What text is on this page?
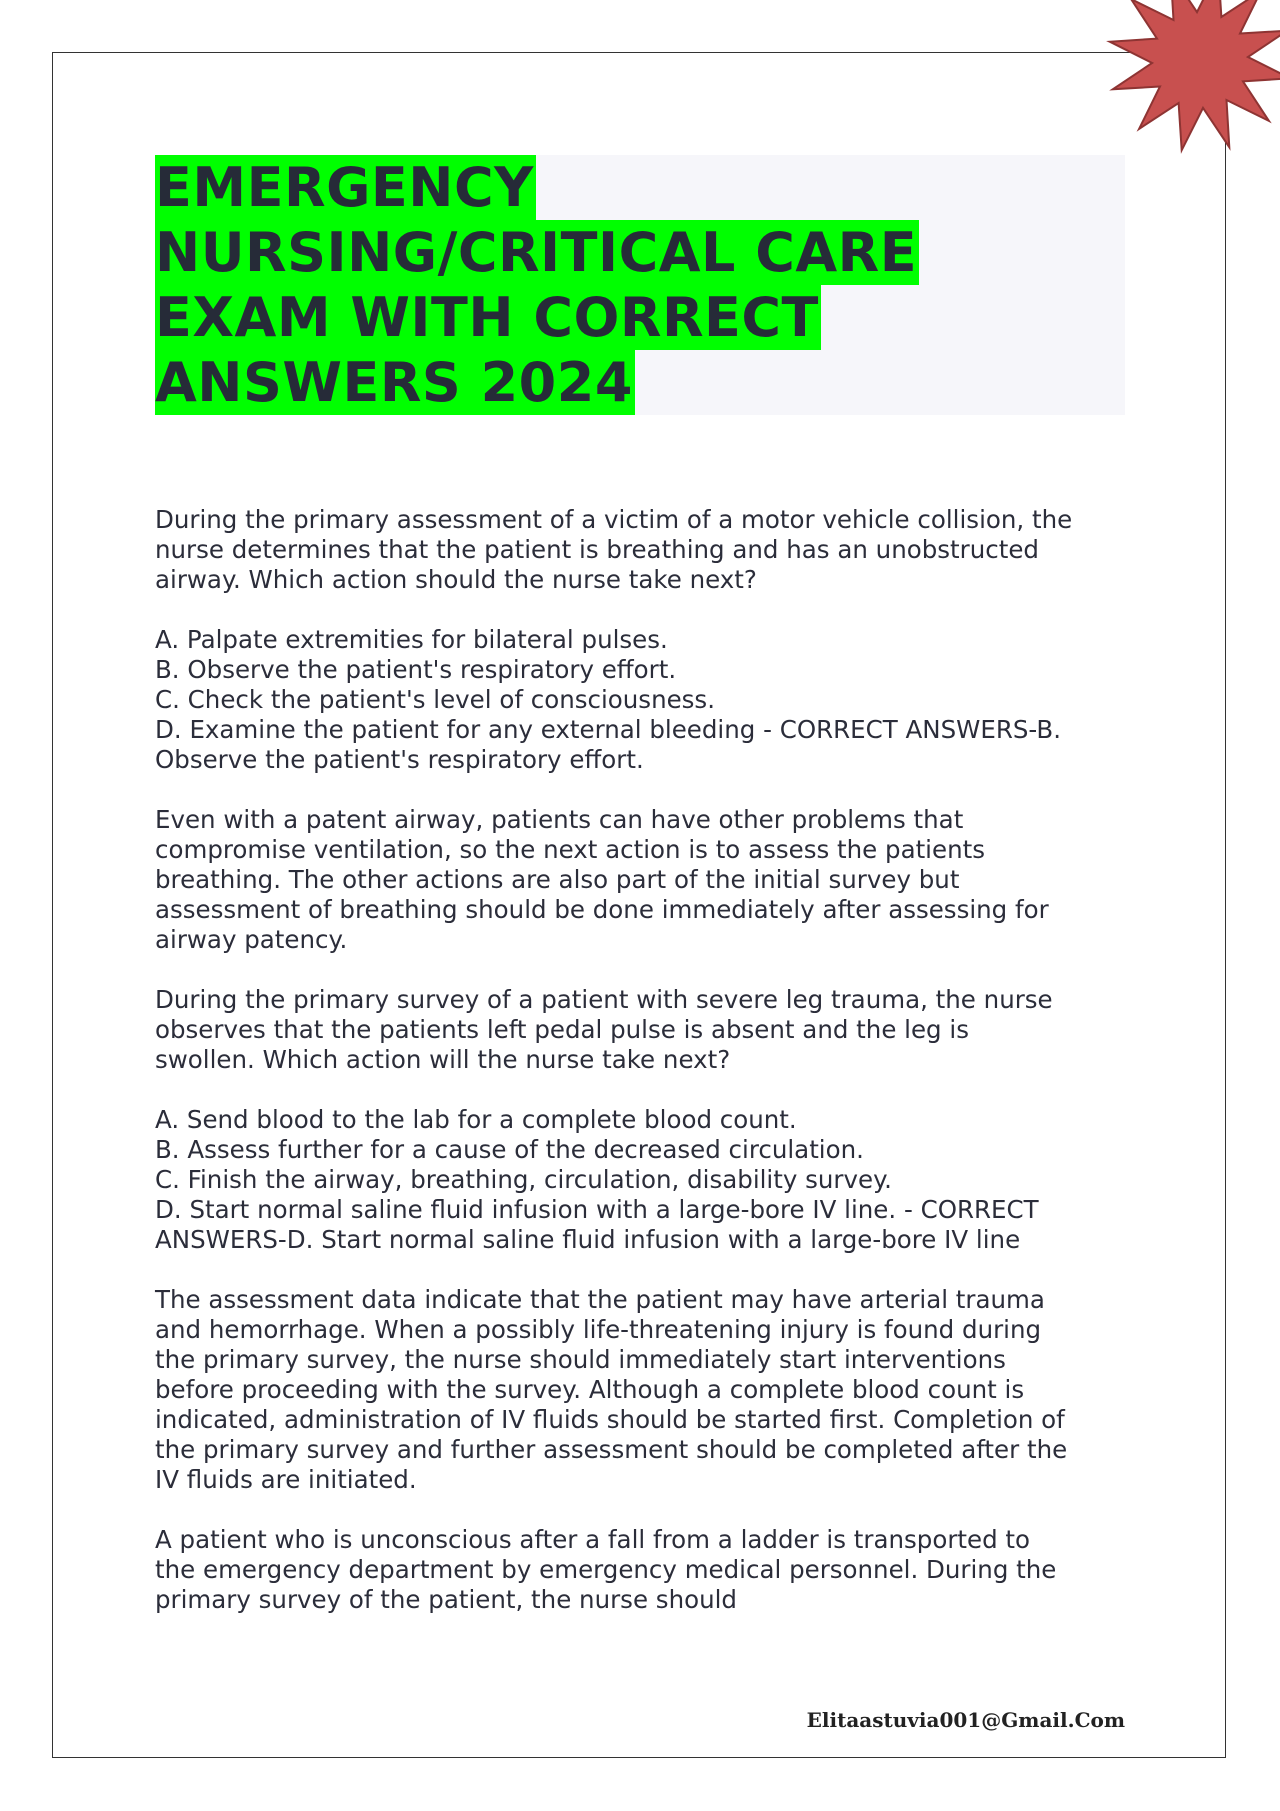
EMERGENCY
NURSING/CRITICAL CARE
EXAM WITH CORRECT
ANSWERS 2024

During the primary assessment of a victim of a motor vehicle collision, the
nurse determines that the patient is breathing and has an unobstructed
airway. Which action should the nurse take next?

A. Palpate extremities for bilateral pulses.
B. Observe the patient's respiratory effort.
C. Check the patient's level of consciousness.
D. Examine the patient for any external bleeding - CORRECT ANSWERS-B.
Observe the patient's respiratory effort.

Even with a patent airway, patients can have other problems that
compromise ventilation, so the next action is to assess the patients
breathing. The other actions are also part of the initial survey but
assessment of breathing should be done immediately after assessing for
airway patency.

During the primary survey of a patient with severe leg trauma, the nurse
observes that the patients left pedal pulse is absent and the leg is
swollen. Which action will the nurse take next?

A. Send blood to the lab for a complete blood count.
B. Assess further for a cause of the decreased circulation.
C. Finish the airway, breathing, circulation, disability survey.
D. Start normal saline fluid infusion with a large-bore IV line. - CORRECT
ANSWERS-D. Start normal saline fluid infusion with a large-bore IV line

The assessment data indicate that the patient may have arterial trauma
and hemorrhage. When a possibly life-threatening injury is found during
the primary survey, the nurse should immediately start interventions
before proceeding with the survey. Although a complete blood count is
indicated, administration of IV fluids should be started first. Completion of
the primary survey and further assessment should be completed after the
IV fluids are initiated.

A patient who is unconscious after a fall from a ladder is transported to
the emergency department by emergency medical personnel. During the
primary survey of the patient, the nurse should

Elitaastuvia001@Gmail.Com
